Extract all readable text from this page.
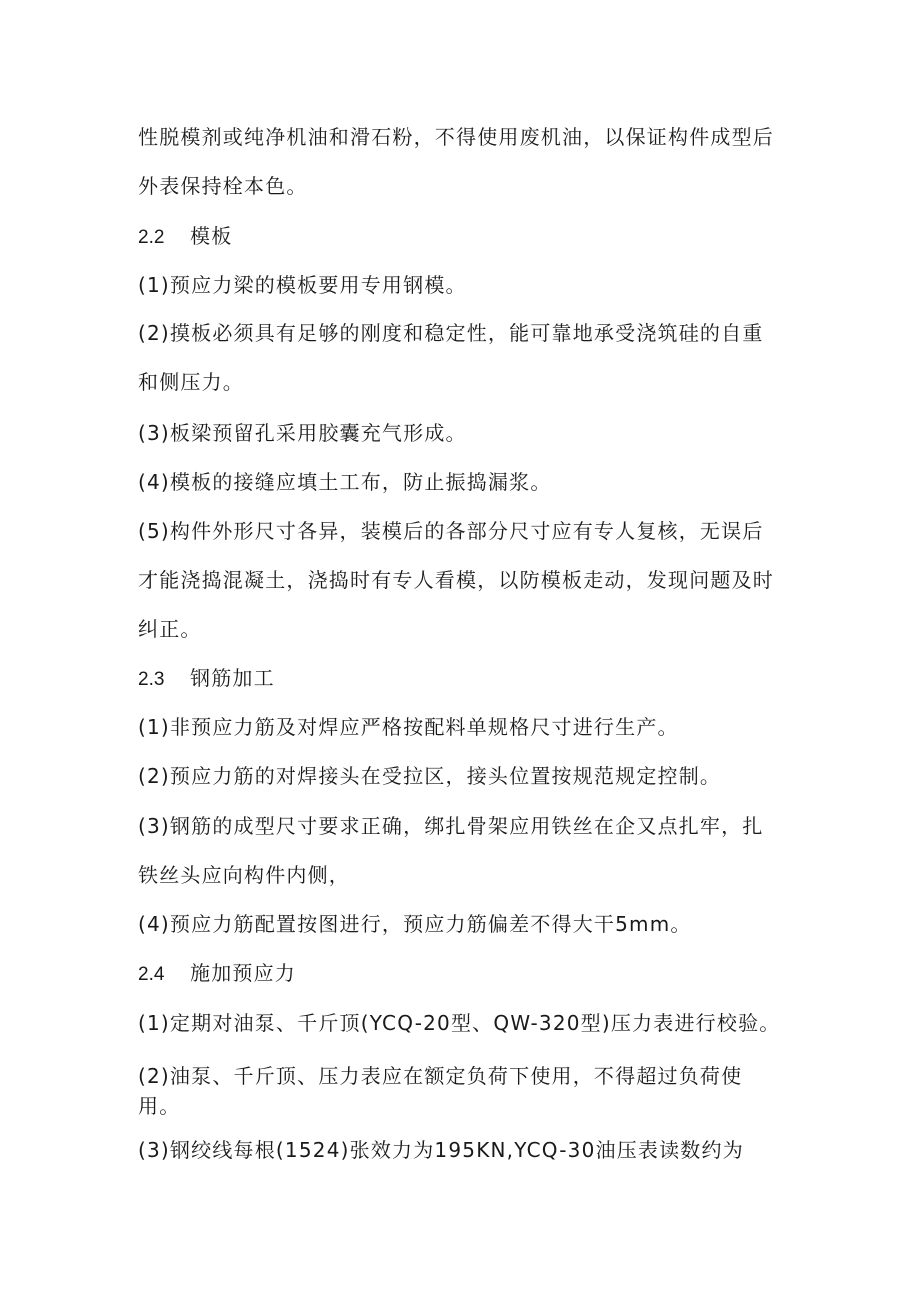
性脱模剂或纯净机油和滑石粉，不得使用废机油，以保证构件成型后
外表保持栓本色。
2.2 模板
(1)预应力梁的模板要用专用钢模。
(2)摸板必须具有足够的刚度和稳定性，能可靠地承受浇筑硅的自重
和侧压力。
(3)板梁预留孔采用胶囊充气形成。
(4)模板的接缝应填土工布，防止振捣漏浆。
(5)构件外形尺寸各异，装模后的各部分尺寸应有专人复核，无误后
才能浇捣混凝土，浇捣时有专人看模，以防模板走动，发现问题及时
纠正。
2.3 钢筋加工
(1)非预应力筋及对焊应严格按配料单规格尺寸进行生产。
(2)预应力筋的对焊接头在受拉区，接头位置按规范规定控制。
(3)钢筋的成型尺寸要求正确，绑扎骨架应用铁丝在企又点扎牢，扎
铁丝头应向构件内侧，
(4)预应力筋配置按图进行，预应力筋偏差不得大干5mm。
2.4 施加预应力
(1)定期对油泵、千斤顶(YCQ-20型、QW-320型)压力表进行校验。
(2)油泵、千斤顶、压力表应在额定负荷下使用，不得超过负荷使
用。
(3)钢绞线每根(1524)张效力为195KN,YCQ-30油压表读数约为
